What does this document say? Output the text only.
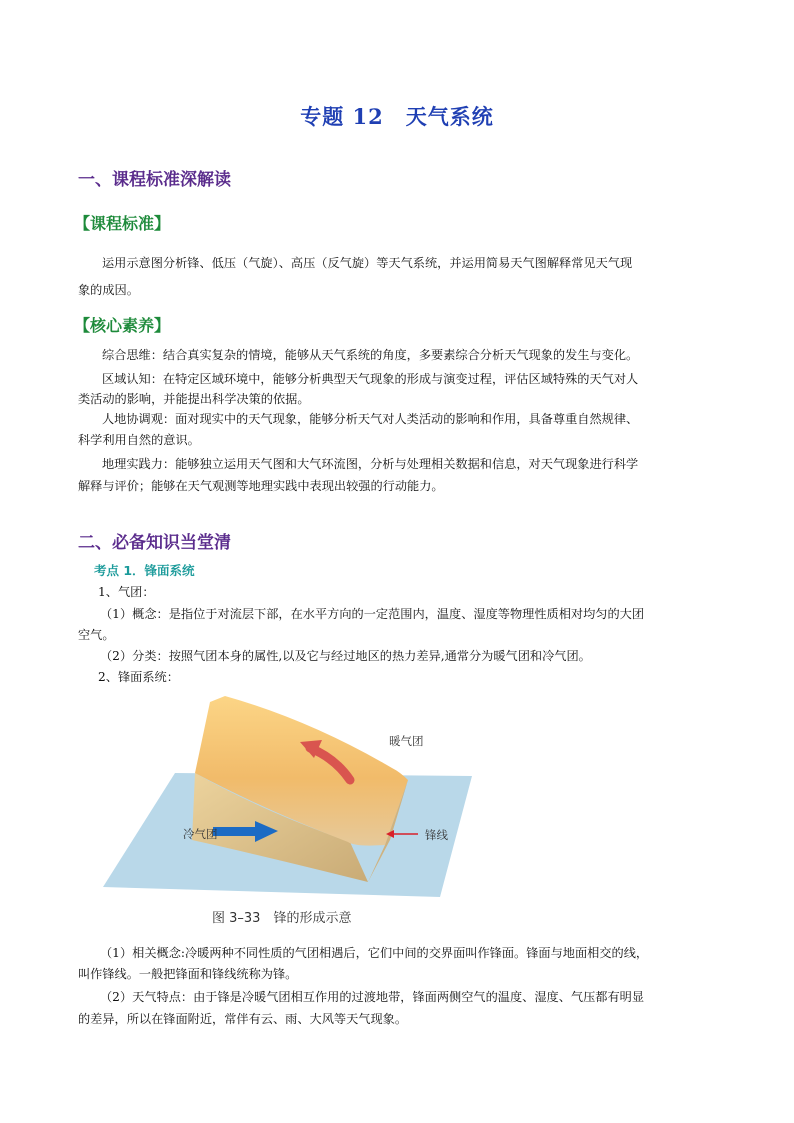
专题 12　天气系统
一、课程标准深解读
【课程标准】
运用示意图分析锋、低压（气旋）、高压（反气旋）等天气系统，并运用简易天气图解释常见天气现
象的成因。
【核心素养】
综合思维：结合真实复杂的情境，能够从天气系统的角度，多要素综合分析天气现象的发生与变化。
区域认知：在特定区域环境中，能够分析典型天气现象的形成与演变过程，评估区域特殊的天气对人
类活动的影响，并能提出科学决策的依据。
人地协调观：面对现实中的天气现象，能够分析天气对人类活动的影响和作用，具备尊重自然规律、
科学利用自然的意识。
地理实践力：能够独立运用天气图和大气环流图，分析与处理相关数据和信息，对天气现象进行科学
解释与评价；能够在天气观测等地理实践中表现出较强的行动能力。
二、必备知识当堂清
考点 1．锋面系统
1、气团：
（1）概念：是指位于对流层下部，在水平方向的一定范围内，温度、湿度等物理性质相对均匀的大团
空气。
（2）分类：按照气团本身的属性,以及它与经过地区的热力差异,通常分为暖气团和冷气团。
2、锋面系统：
暖气团
冷气团	锋线
图 3–33　锋的形成示意
（1）相关概念:冷暖两种不同性质的气团相遇后，它们中间的交界面叫作锋面。锋面与地面相交的线，
叫作锋线。一般把锋面和锋线统称为锋。
（2）天气特点：由于锋是冷暖气团相互作用的过渡地带，锋面两侧空气的温度、湿度、气压都有明显
的差异，所以在锋面附近，常伴有云、雨、大风等天气现象。
